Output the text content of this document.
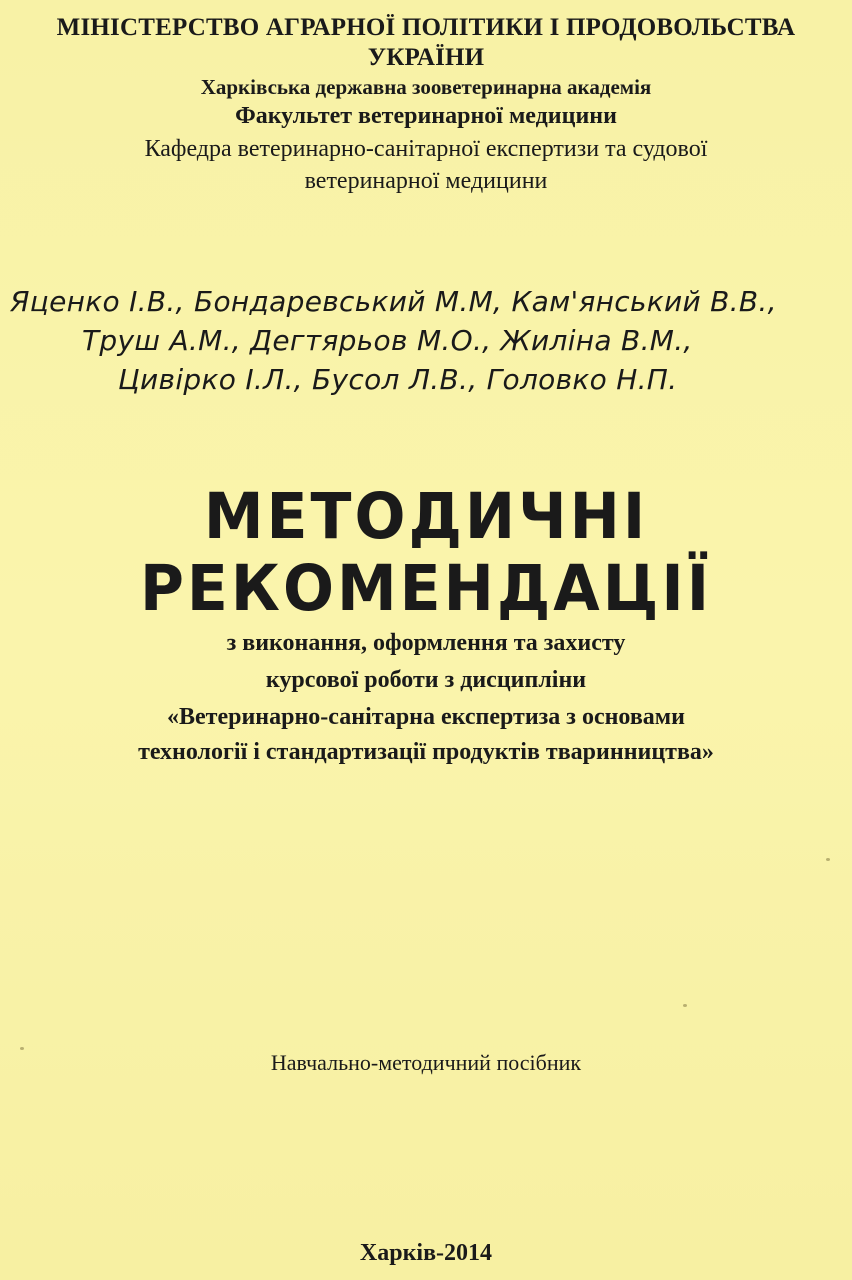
МІНІСТЕРСТВО АГРАРНОЇ ПОЛІТИКИ І ПРОДОВОЛЬСТВА
УКРАЇНИ
Харківська державна зооветеринарна академія
Факультет ветеринарної медицини
Кафедра ветеринарно-санітарної експертизи та судової
ветеринарної медицини
Яценко І.В., Бондаревський М.М, Кам'янський В.В.,
Труш А.М., Дегтярьов М.О., Жиліна В.М.,
Цивірко І.Л., Бусол Л.В., Головко Н.П.
МЕТОДИЧНІ
РЕКОМЕНДАЦІЇ
з виконання, оформлення та захисту
курсової роботи з дисципліни
«Ветеринарно-санітарна експертиза з основами
технології і стандартизації продуктів тваринництва»
Навчально-методичний посібник
Харків-2014
